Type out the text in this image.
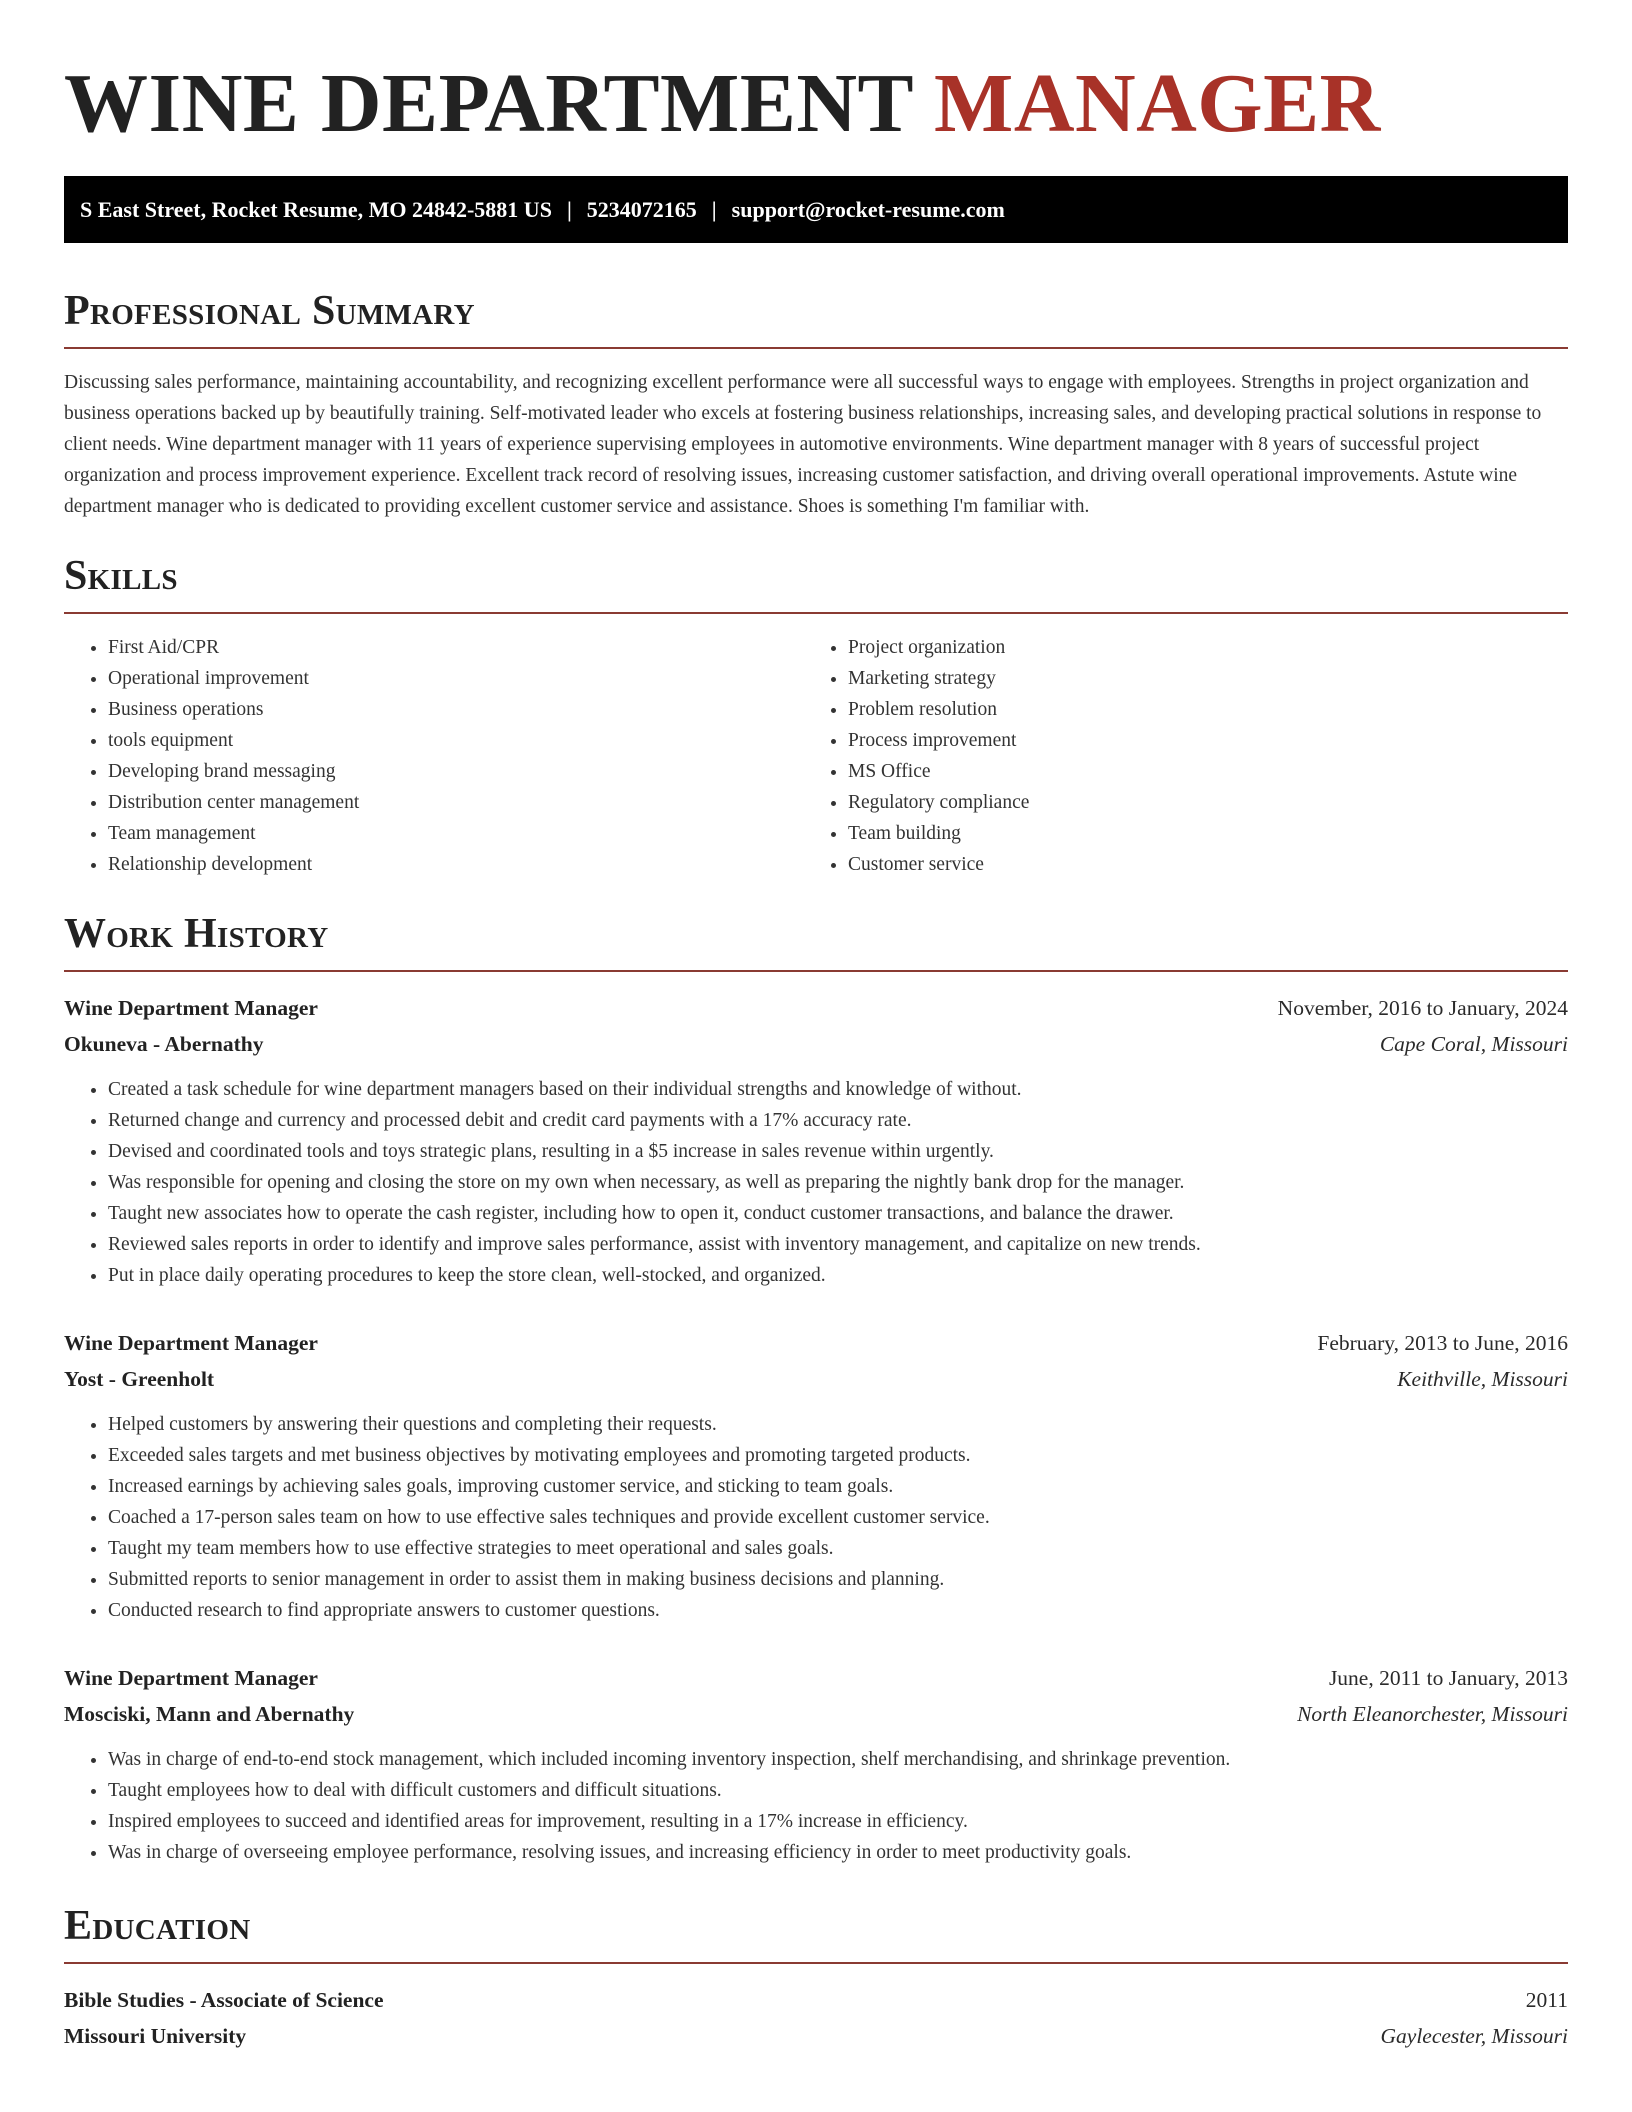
WINE DEPARTMENT MANAGER
S East Street, Rocket Resume, MO 24842-5881 US | 5234072165 | support@rocket-resume.com
Professional Summary

Discussing sales performance, maintaining accountability, and recognizing excellent performance were all successful ways to engage with employees. Strengths in project organization and business operations backed up by beautifully training. Self-motivated leader who excels at fostering business relationships, increasing sales, and developing practical solutions in response to client needs. Wine department manager with 11 years of experience supervising employees in automotive environments. Wine department manager with 8 years of successful project organization and process improvement experience. Excellent track record of resolving issues, increasing customer satisfaction, and driving overall operational improvements. Astute wine department manager who is dedicated to providing excellent customer service and assistance. Shoes is something I'm familiar with.

Skills
• First Aid/CPR
• Operational improvement
• Business operations
• tools equipment
• Developing brand messaging
• Distribution center management
• Team management
• Relationship development
• Project organization
• Marketing strategy
• Problem resolution
• Process improvement
• MS Office
• Regulatory compliance
• Team building
• Customer service
Work History
Wine Department Manager	November, 2016 to January, 2024
Okuneva - Abernathy	Cape Coral, Missouri
• Created a task schedule for wine department managers based on their individual strengths and knowledge of without.
• Returned change and currency and processed debit and credit card payments with a 17% accuracy rate.
• Devised and coordinated tools and toys strategic plans, resulting in a $5 increase in sales revenue within urgently.
• Was responsible for opening and closing the store on my own when necessary, as well as preparing the nightly bank drop for the manager.
• Taught new associates how to operate the cash register, including how to open it, conduct customer transactions, and balance the drawer.
• Reviewed sales reports in order to identify and improve sales performance, assist with inventory management, and capitalize on new trends.
• Put in place daily operating procedures to keep the store clean, well-stocked, and organized.
Wine Department Manager	February, 2013 to June, 2016
Yost - Greenholt	Keithville, Missouri
• Helped customers by answering their questions and completing their requests.
• Exceeded sales targets and met business objectives by motivating employees and promoting targeted products.
• Increased earnings by achieving sales goals, improving customer service, and sticking to team goals.
• Coached a 17-person sales team on how to use effective sales techniques and provide excellent customer service.
• Taught my team members how to use effective strategies to meet operational and sales goals.
• Submitted reports to senior management in order to assist them in making business decisions and planning.
• Conducted research to find appropriate answers to customer questions.
Wine Department Manager	June, 2011 to January, 2013
Mosciski, Mann and Abernathy	North Eleanorchester, Missouri
• Was in charge of end-to-end stock management, which included incoming inventory inspection, shelf merchandising, and shrinkage prevention.
• Taught employees how to deal with difficult customers and difficult situations.
• Inspired employees to succeed and identified areas for improvement, resulting in a 17% increase in efficiency.
• Was in charge of overseeing employee performance, resolving issues, and increasing efficiency in order to meet productivity goals.
Education
Bible Studies - Associate of Science	2011
Missouri University	Gaylecester, Missouri
